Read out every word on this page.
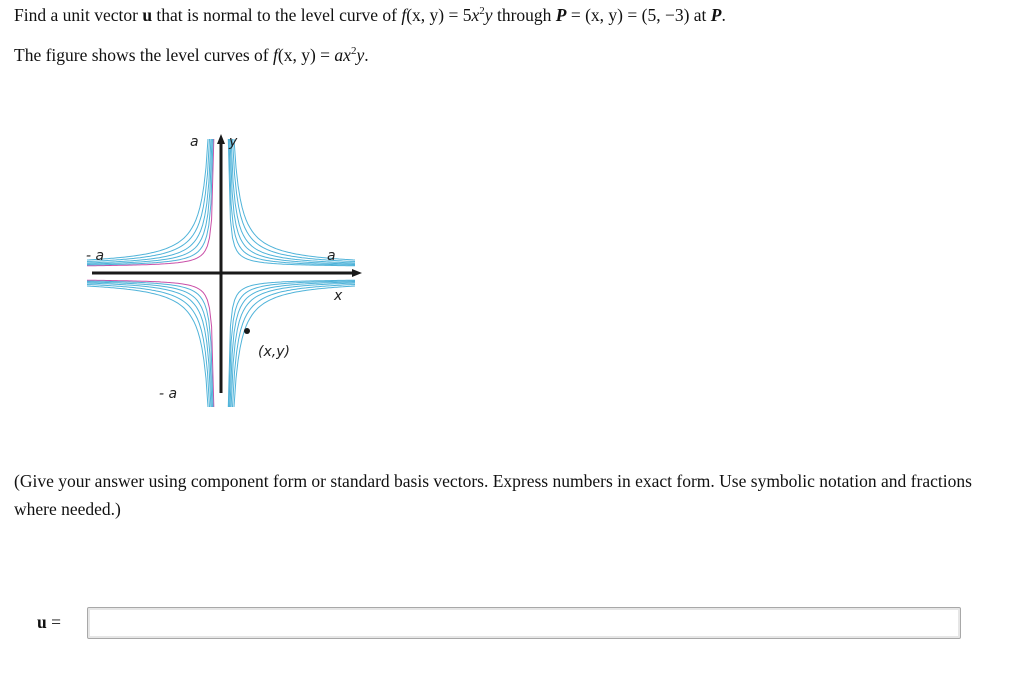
Find a unit vector u that is normal to the level curve of f(x, $y) = 5x^2y$ through P = (x, y) = (5, −3) at P.
The figure shows the level curves of f(x, $y) = ax^2y$.
a y
- a	a
x
(x,y)
- a
(Give your answer using component form or standard basis vectors. Express numbers in exact form. Use symbolic notation and fractions where needed.)
u =
